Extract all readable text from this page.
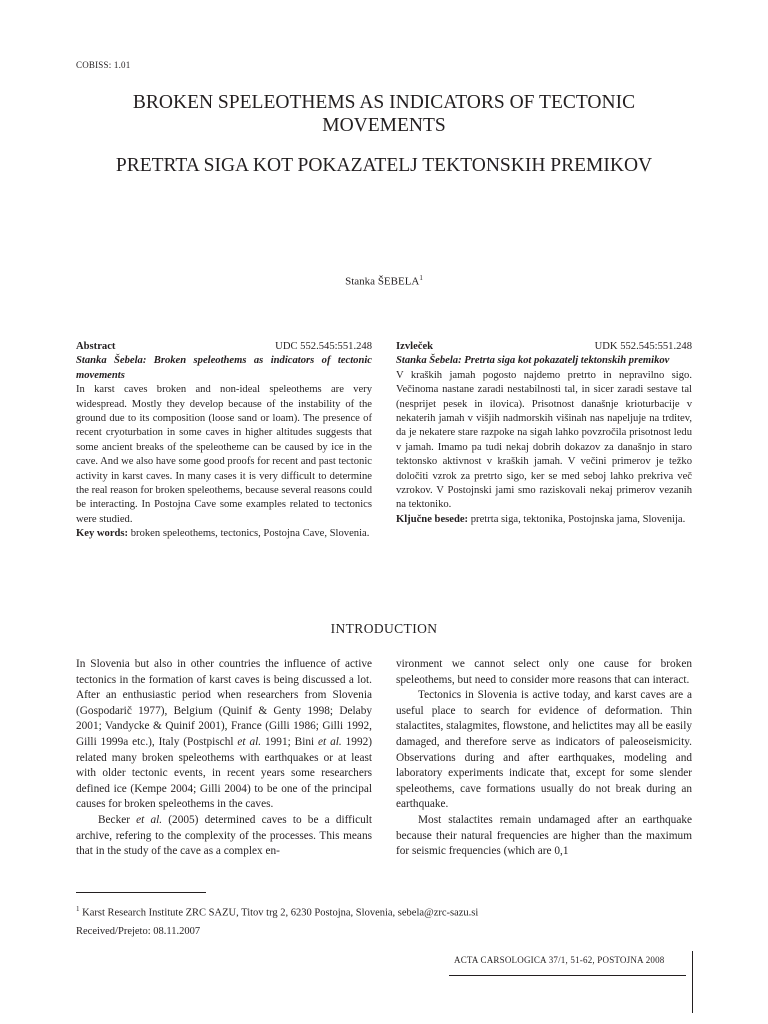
COBISS: 1.01
BROKEN SPELEOTHEMS AS INDICATORS OF TECTONIC
MOVEMENTS
PRETRTA SIGA KOT POKAZATELJ TEKTONSKIH PREMIKOV
Stanka ŠEBELA$^1$
Abstract	UDC 552.545:551.248
Stanka Šebela: Broken speleothems as indicators of tectonic movements
In karst caves broken and non-ideal speleothems are very widespread. Mostly they develop because of the instability of the ground due to its composition (loose sand or loam). The presence of recent cryoturbation in some caves in higher altitudes suggests that some ancient breaks of the speleotheme can be caused by ice in the cave. And we also have some good proofs for recent and past tectonic activity in karst caves. In many cases it is very difficult to determine the real reason for broken speleothems, because several reasons could be interacting. In Postojna Cave some examples related to tectonics were studied.
Key words: broken speleothems, tectonics, Postojna Cave, Slovenia.
Izvleček	UDK 552.545:551.248
Stanka Šebela: Pretrta siga kot pokazatelj tektonskih premikov
V kraških jamah pogosto najdemo pretrto in nepravilno sigo. Večinoma nastane zaradi nestabilnosti tal, in sicer zaradi sestave tal (nesprijet pesek in ilovica). Prisotnost današnje krioturbacije v nekaterih jamah v višjih nadmorskih višinah nas napeljuje na trditev, da je nekatere stare razpoke na sigah lahko povzročila prisotnost ledu v jamah. Imamo pa tudi nekaj dobrih dokazov za današnjo in staro tektonsko aktivnost v kraških jamah. V večini primerov je težko določiti vzrok za pretrto sigo, ker se med seboj lahko prekriva več vzrokov. V Postojnski jami smo raziskovali nekaj primerov vezanih na tektoniko.
Ključne besede: pretrta siga, tektonika, Postojnska jama, Slovenija.
INTRODUCTION

In Slovenia but also in other countries the influence of active tectonics in the formation of karst caves is being discussed a lot. After an enthusiastic period when researchers from Slovenia (Gospodarič 1977), Belgium (Quinif & Genty 1998; Delaby 2001; Vandycke & Quinif 2001), France (Gilli 1986; Gilli 1992, Gilli 1999a etc.), Italy (Postpischl et al. 1991; Bini et al. 1992) related many broken speleothems with earthquakes or at least with older tectonic events, in recent years some researchers defined ice (Kempe 2004; Gilli 2004) to be one of the principal causes for broken speleothems in the caves.

Becker et al. (2005) determined caves to be a difficult archive, refering to the complexity of the processes. This means that in the study of the cave as a complex en-

vironment we cannot select only one cause for broken speleothems, but need to consider more reasons that can interact.

Tectonics in Slovenia is active today, and karst caves are a useful place to search for evidence of deformation. Thin stalactites, stalagmites, flowstone, and helictites may all be easily damaged, and therefore serve as indicators of paleoseismicity. Observations during and after earthquakes, modeling and laboratory experiments indicate that, except for some slender speleothems, cave formations usually do not break during an earthquake.

Most stalactites remain undamaged after an earthquake because their natural frequencies are higher than the maximum for seismic frequencies (which are 0,1

$^1$ Karst Research Institute ZRC SAZU, Titov trg 2, 6230 Postojna, Slovenia, sebela@zrc-sazu.si
Received/Prejeto: 08.11.2007
ACTA CARSOLOGICA 37/1, 51-62, POSTOJNA 2008
